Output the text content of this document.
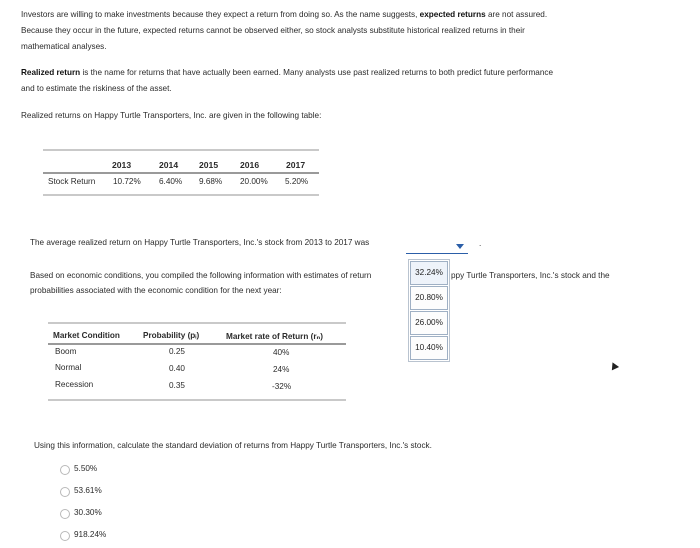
Investors are willing to make investments because they expect a return from doing so. As the name suggests, expected returns are not assured.
Because they occur in the future, expected returns cannot be observed either, so stock analysts substitute historical realized returns in their
mathematical analyses.
Realized return is the name for returns that have actually been earned. Many analysts use past realized returns to both predict future performance
and to estimate the riskiness of the asset.
Realized returns on Happy Turtle Transporters, Inc. are given in the following table:
2013	2014 2015	2016	2017
Stock Return 10.72% 6.40% 9.68% 20.00% 5.20%
The average realized return on Happy Turtle Transporters, Inc.'s stock from 2013 to 2017 was	.
Based on economic conditions, you compiled the following information with estimates of return	ppy Turtle Transporters, Inc.'s stock and the
probabilities associated with the economic condition for the next year:
32.24%
20.80%
26.00%
10.40%
Market Condition	Probability (pᵢ)	Market rate of Return (rₙ)
Boom	0.25	40%
Normal	0.40	24%
Recession	0.35	-32%
Using this information, calculate the standard deviation of returns from Happy Turtle Transporters, Inc.'s stock.
5.50%
53.61%
30.30%
918.24%
